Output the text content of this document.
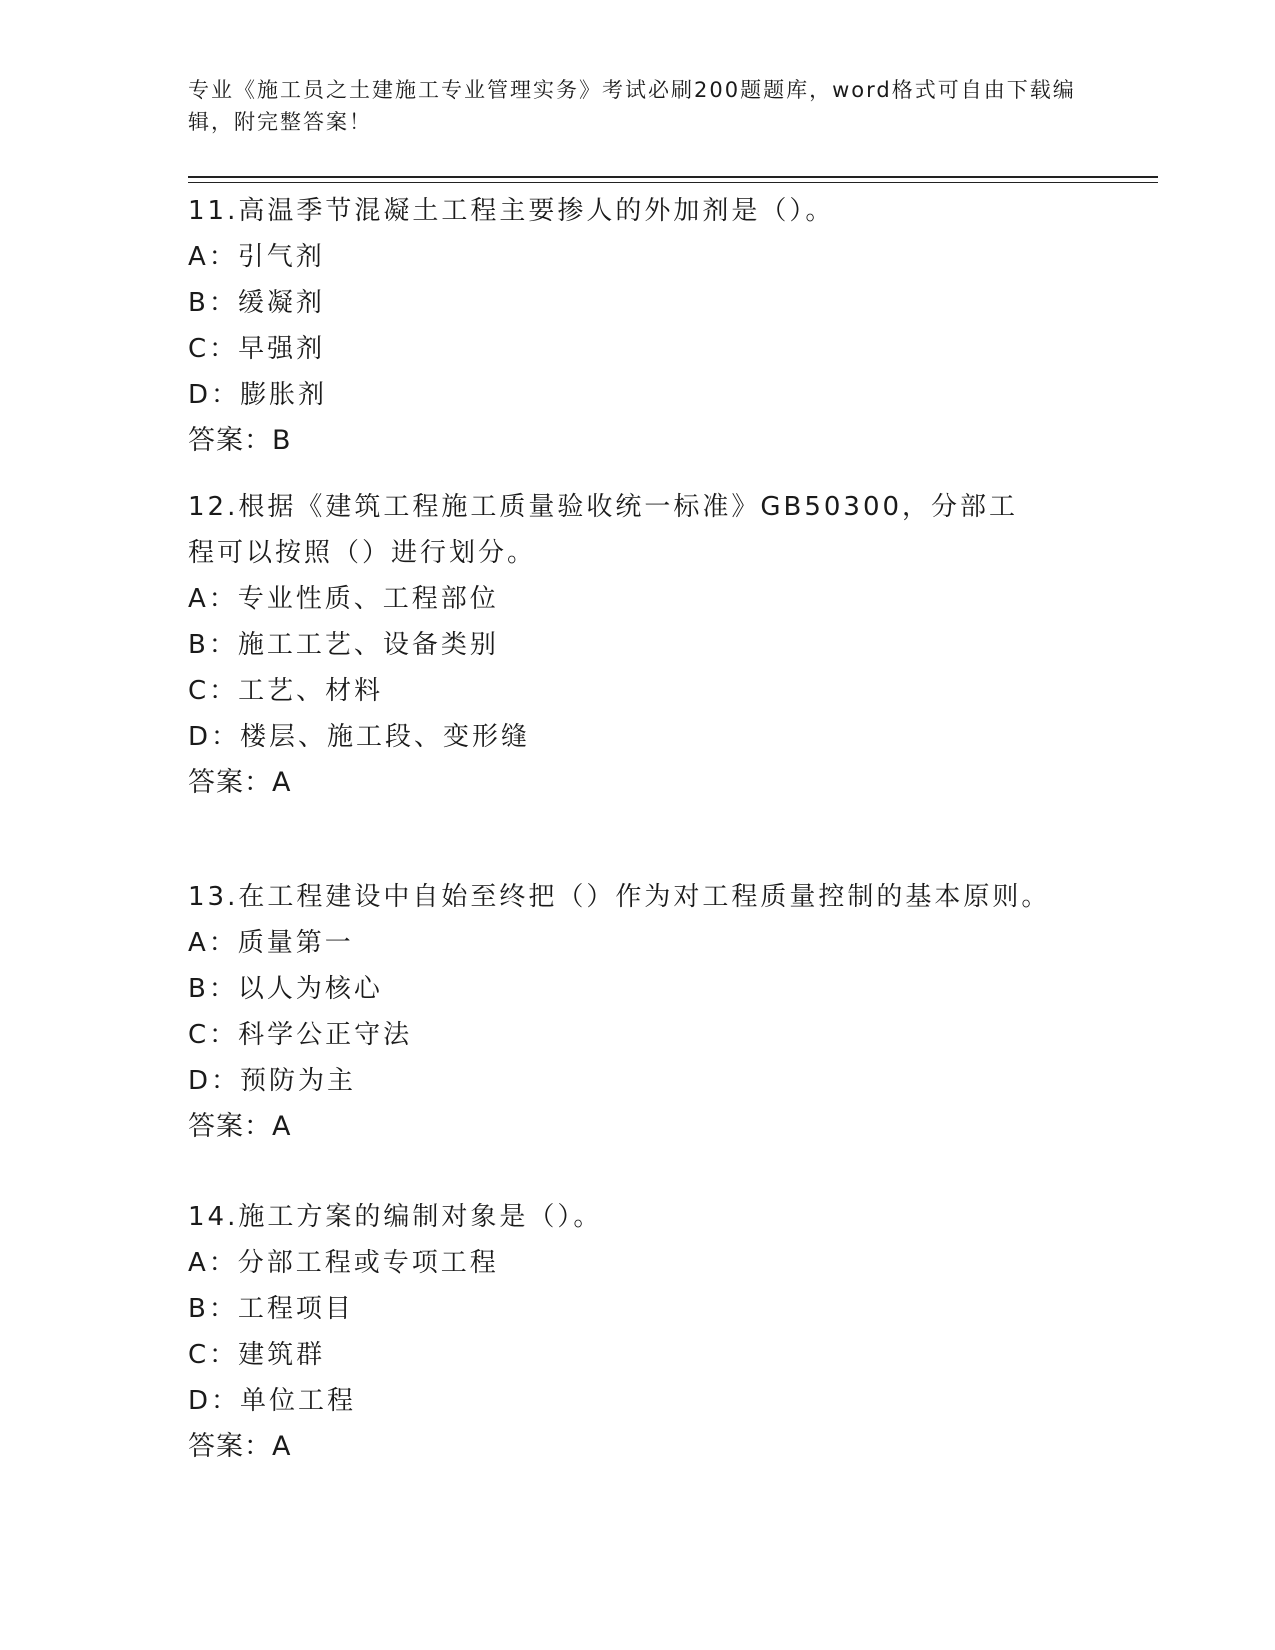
专业《施工员之土建施工专业管理实务》考试必刷200题题库，word格式可自由下载编辑，附完整答案！
11.高温季节混凝土工程主要掺人的外加剂是（）。
A：引气剂
B：缓凝剂
C：早强剂
D：膨胀剂
答案：B
12.根据《建筑工程施工质量验收统一标准》GB50300，分部工程可以按照（）进行划分。
A：专业性质、工程部位
B：施工工艺、设备类别
C：工艺、材料
D：楼层、施工段、变形缝
答案：A
13.在工程建设中自始至终把（）作为对工程质量控制的基本原则。
A：质量第一
B：以人为核心
C：科学公正守法
D：预防为主
答案：A
14.施工方案的编制对象是（）。
A：分部工程或专项工程
B：工程项目
C：建筑群
D：单位工程
答案：A
